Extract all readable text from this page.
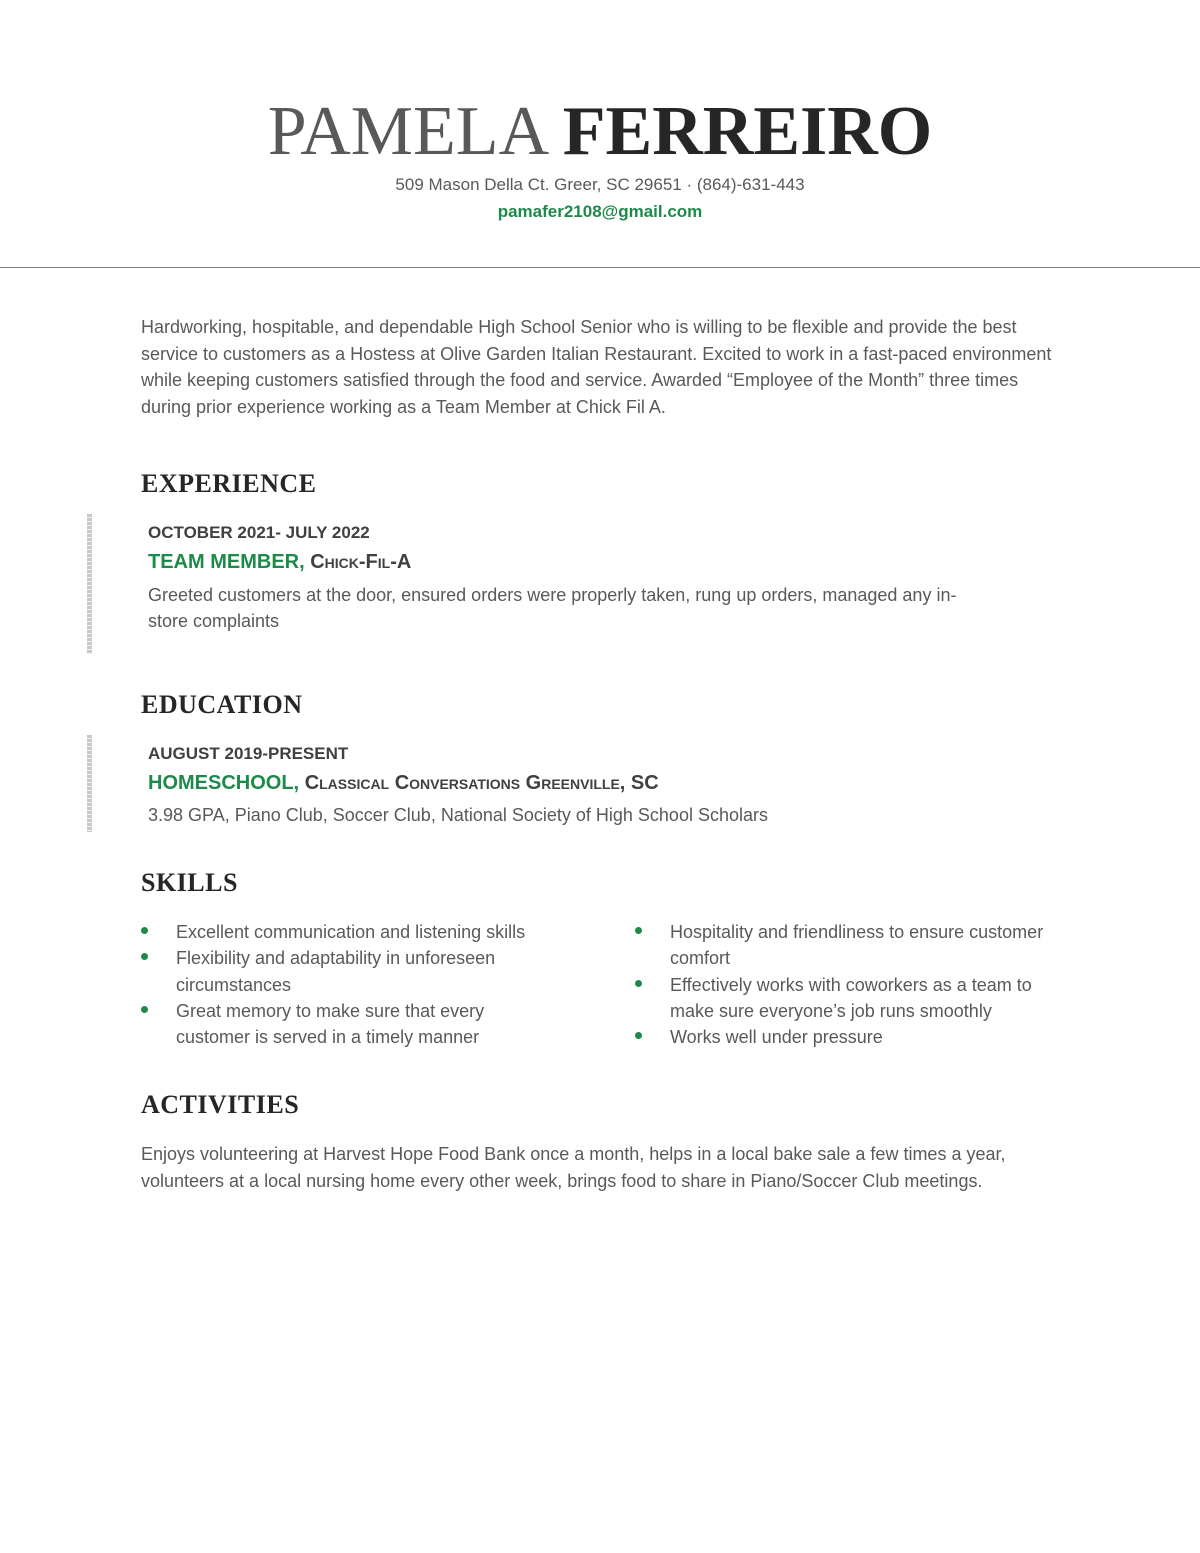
PAMELA FERREIRO
509 Mason Della Ct. Greer, SC 29651 · (864)-631-443
pamafer2108@gmail.com
Hardworking, hospitable, and dependable High School Senior who is willing to be flexible and provide the best service to customers as a Hostess at Olive Garden Italian Restaurant. Excited to work in a fast-paced environment while keeping customers satisfied through the food and service. Awarded “Employee of the Month” three times during prior experience working as a Team Member at Chick Fil A.
EXPERIENCE
OCTOBER 2021- JULY 2022
TEAM MEMBER, Chick-Fil-A
Greeted customers at the door, ensured orders were properly taken, rung up orders, managed any in-store complaints
EDUCATION
AUGUST 2019-PRESENT
HOMESCHOOL, Classical Conversations Greenville, SC
3.98 GPA, Piano Club, Soccer Club, National Society of High School Scholars
SKILLS
Excellent communication and listening skills
Flexibility and adaptability in unforeseen circumstances
Great memory to make sure that every customer is served in a timely manner
Hospitality and friendliness to ensure customer comfort
Effectively works with coworkers as a team to make sure everyone’s job runs smoothly
Works well under pressure
ACTIVITIES
Enjoys volunteering at Harvest Hope Food Bank once a month, helps in a local bake sale a few times a year, volunteers at a local nursing home every other week, brings food to share in Piano/Soccer Club meetings.
